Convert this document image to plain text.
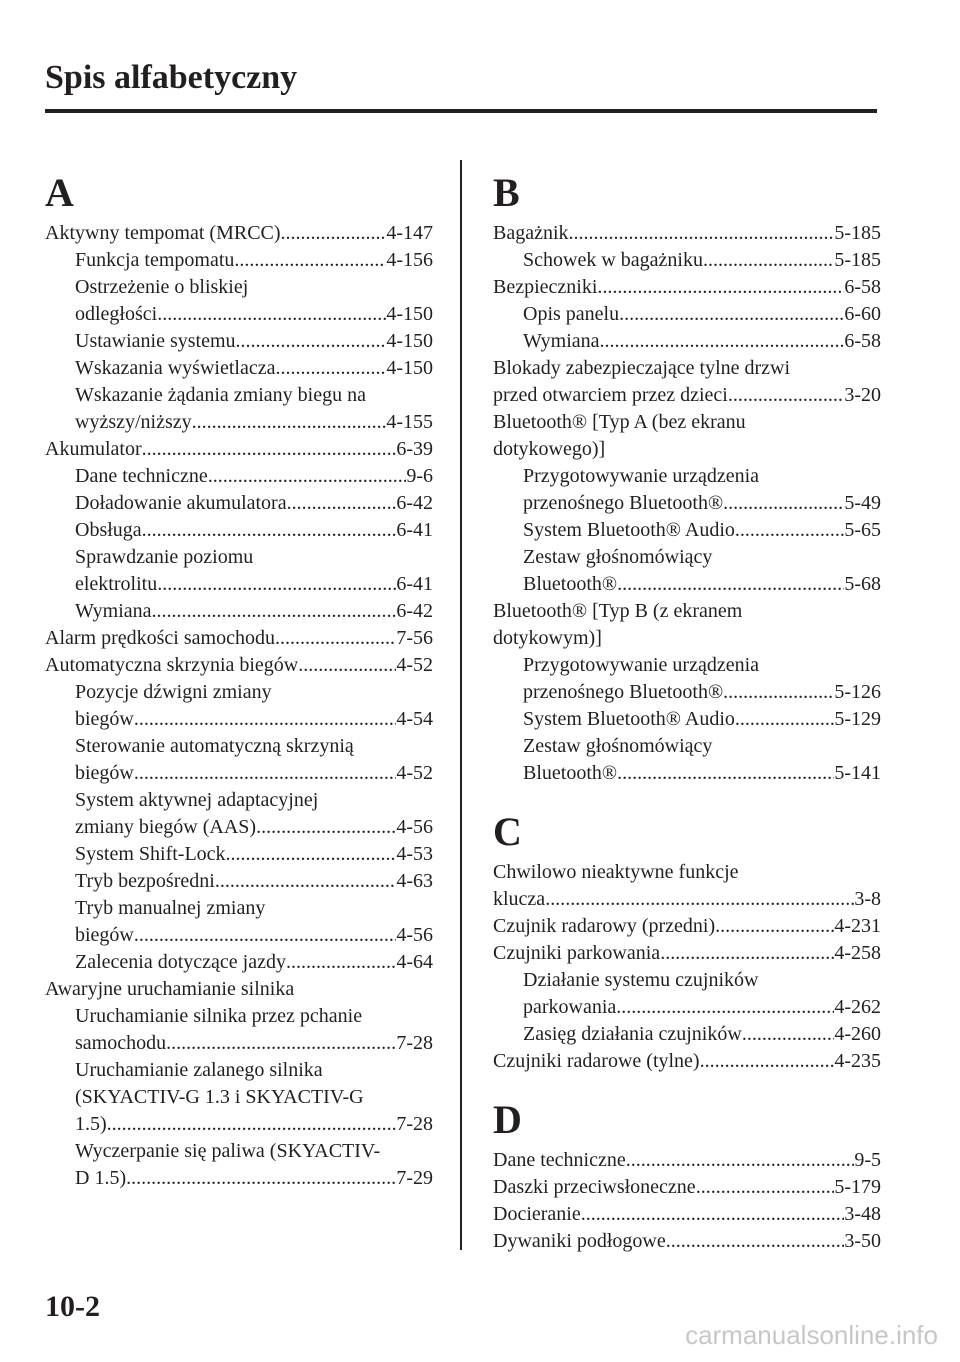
Spis alfabetyczny
A
Aktywny tempomat (MRCC) .....	4-147
Funkcja tempomatu .....	4-156
Ostrzeżenie o bliskiej
odległości .....	4-150
Ustawianie systemu .....	4-150
Wskazania wyświetlacza .....	4-150
Wskazanie żądania zmiany biegu na
wyższy/niższy .....	4-155
Akumulator .....	6-39
Dane techniczne .....	9-6
Doładowanie akumulatora .....	6-42
Obsługa .....	6-41
Sprawdzanie poziomu
elektrolitu .....	6-41
Wymiana .....	6-42
Alarm prędkości samochodu .....	7-56
Automatyczna skrzynia biegów .....	4-52
Pozycje dźwigni zmiany
biegów .....	4-54
Sterowanie automatyczną skrzynią
biegów .....	4-52
System aktywnej adaptacyjnej
zmiany biegów (AAS) .....	4-56
System Shift-Lock .....	4-53
Tryb bezpośredni .....	4-63
Tryb manualnej zmiany
biegów .....	4-56
Zalecenia dotyczące jazdy .....	4-64
Awaryjne uruchamianie silnika
Uruchamianie silnika przez pchanie
samochodu .....	7-28
Uruchamianie zalanego silnika
(SKYACTIV-G 1.3 i SKYACTIV-G
1.5) .....	7-28
Wyczerpanie się paliwa (SKYACTIV-
D 1.5) .....	7-29
B
Bagażnik .....	5-185
Schowek w bagażniku .....	5-185
Bezpieczniki .....	6-58
Opis panelu .....	6-60
Wymiana .....	6-58
Blokady zabezpieczające tylne drzwi
przed otwarciem przez dzieci .....	3-20
Bluetooth® [Typ A (bez ekranu
dotykowego)]
Przygotowywanie urządzenia
przenośnego Bluetooth® .....	5-49
System Bluetooth® Audio .....	5-65
Zestaw głośnomówiący
Bluetooth® .....	5-68
Bluetooth® [Typ B (z ekranem
dotykowym)]
Przygotowywanie urządzenia
przenośnego Bluetooth® .....	5-126
System Bluetooth® Audio .....	5-129
Zestaw głośnomówiący
Bluetooth® .....	5-141
C
Chwilowo nieaktywne funkcje
klucza .....	3-8
Czujnik radarowy (przedni) .....	4-231
Czujniki parkowania .....	4-258
Działanie systemu czujników
parkowania .....	4-262
Zasięg działania czujników .....	4-260
Czujniki radarowe (tylne) .....	4-235
D
Dane techniczne .....	9-5
Daszki przeciwsłoneczne .....	5-179
Docieranie .....	3-48
Dywaniki podłogowe .....	3-50
10-2
carmanualsonline.info
